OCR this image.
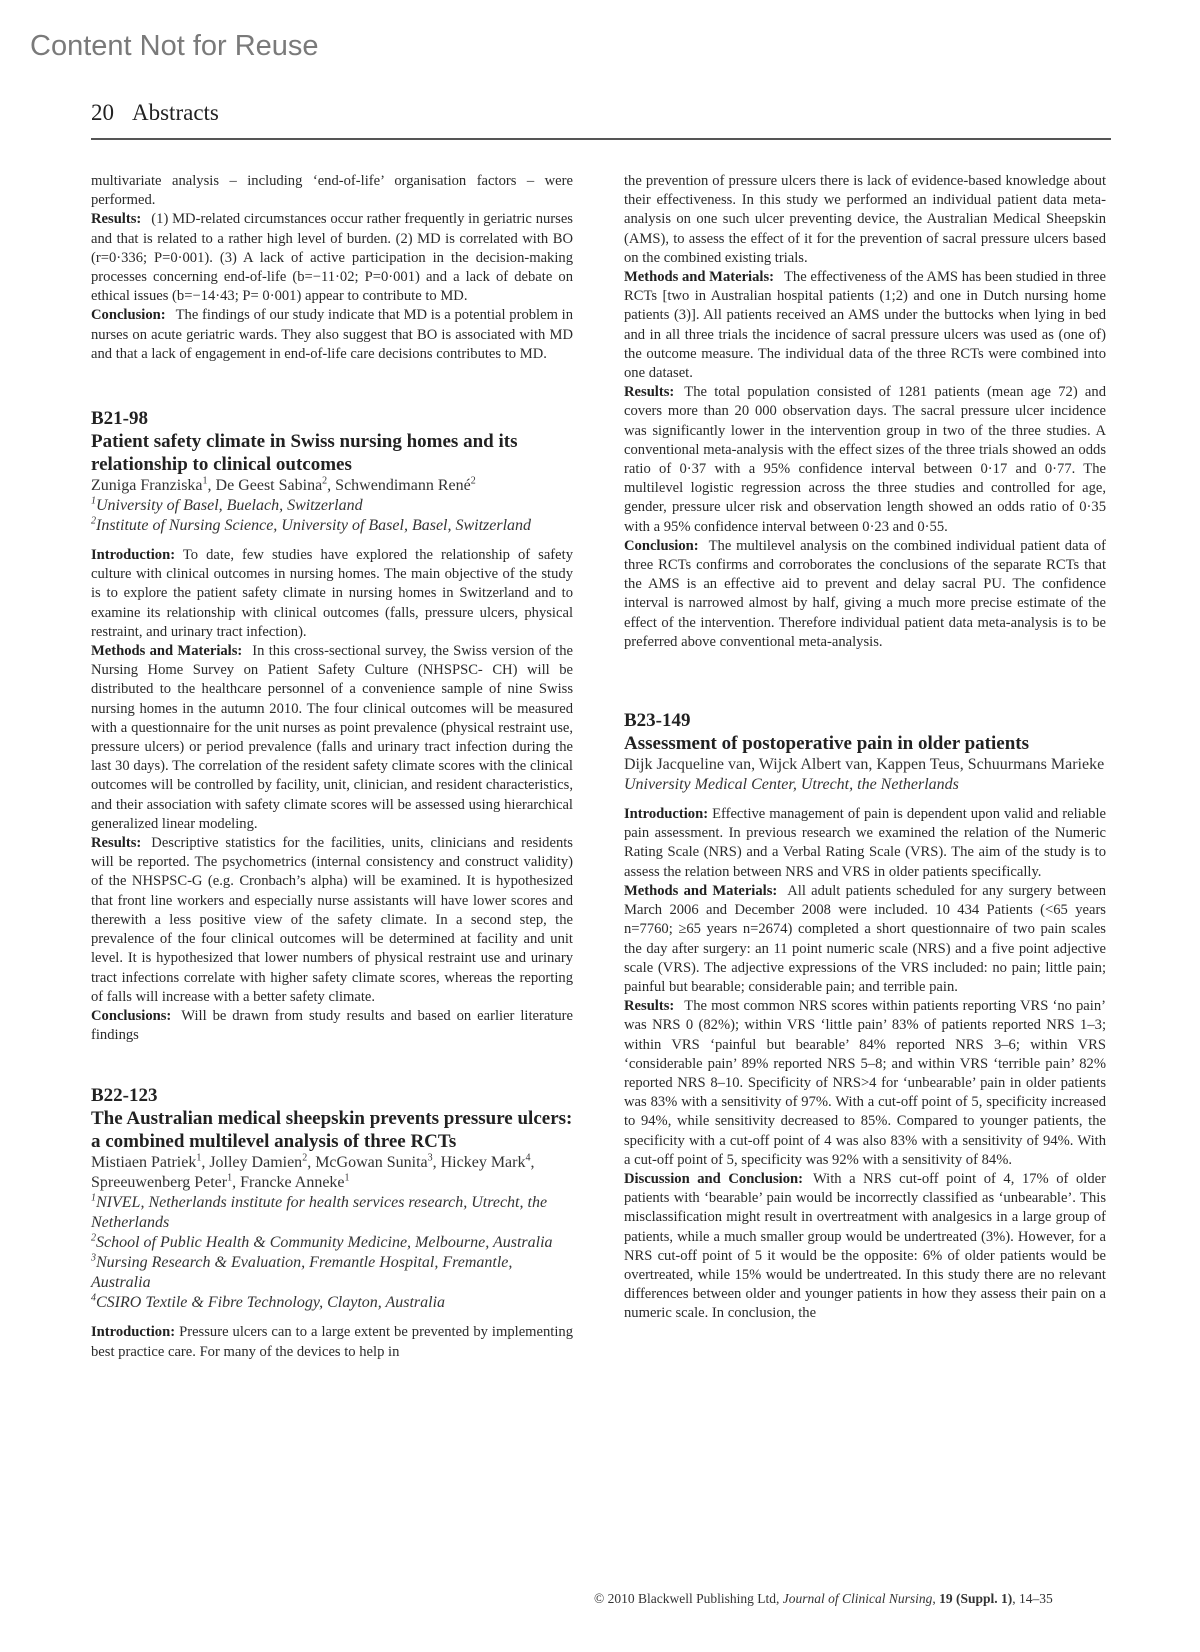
Content Not for Reuse
20 Abstracts

multivariate analysis – including ‘end-of-life’ organisation factors – were performed.

Results: (1) MD-related circumstances occur rather frequently in geriatric nurses and that is related to a rather high level of burden. (2) MD is correlated with BO (r=0·336; P=0·001). (3) A lack of active participation in the decision-making processes concerning end-of-life (b=−11·02; P=0·001) and a lack of debate on ethical issues (b=−14·43; P= 0·001) appear to contribute to MD.

Conclusion: The findings of our study indicate that MD is a potential problem in nurses on acute geriatric wards. They also suggest that BO is associated with MD and that a lack of engagement in end-of-life care decisions contributes to MD.

B21-98
Patient safety climate in Swiss nursing homes and its relationship to clinical outcomes
Zuniga Franziska$^1$, De Geest Sabina$^2$, Schwendimann René$^2$
$^1$University of Basel, Buelach, Switzerland
$^2$Institute of Nursing Science, University of Basel, Basel, Switzerland

Introduction: To date, few studies have explored the relationship of safety culture with clinical outcomes in nursing homes. The main objective of the study is to explore the patient safety climate in nursing homes in Switzerland and to examine its relationship with clinical outcomes (falls, pressure ulcers, physical restraint, and urinary tract infection).

Methods and Materials: In this cross-sectional survey, the Swiss version of the Nursing Home Survey on Patient Safety Culture (NHSPSC- CH) will be distributed to the healthcare personnel of a convenience sample of nine Swiss nursing homes in the autumn 2010. The four clinical outcomes will be measured with a questionnaire for the unit nurses as point prevalence (physical restraint use, pressure ulcers) or period prevalence (falls and urinary tract infection during the last 30 days). The correlation of the resident safety climate scores with the clinical outcomes will be controlled by facility, unit, clinician, and resident characteristics, and their association with safety climate scores will be assessed using hierarchical generalized linear modeling.

Results: Descriptive statistics for the facilities, units, clinicians and residents will be reported. The psychometrics (internal consistency and construct validity) of the NHSPSC-G (e.g. Cronbach’s alpha) will be examined. It is hypothesized that front line workers and especially nurse assistants will have lower scores and therewith a less positive view of the safety climate. In a second step, the prevalence of the four clinical outcomes will be determined at facility and unit level. It is hypothesized that lower numbers of physical restraint use and urinary tract infections correlate with higher safety climate scores, whereas the reporting of falls will increase with a better safety climate.

Conclusions: Will be drawn from study results and based on earlier literature findings

B22-123
The Australian medical sheepskin prevents pressure ulcers: a combined multilevel analysis of three RCTs
Mistiaen Patriek$^1$, Jolley Damien$^2$, McGowan Sunita$^3$, Hickey Mark$^4$, Spreeuwenberg Peter$^1$, Francke Anneke$^1$
$^1$NIVEL, Netherlands institute for health services research, Utrecht, the Netherlands
$^2$School of Public Health & Community Medicine, Melbourne, Australia
$^3$Nursing Research & Evaluation, Fremantle Hospital, Fremantle, Australia
$^4$CSIRO Textile & Fibre Technology, Clayton, Australia

Introduction: Pressure ulcers can to a large extent be prevented by implementing best practice care. For many of the devices to help in

the prevention of pressure ulcers there is lack of evidence-based knowledge about their effectiveness. In this study we performed an individual patient data meta-analysis on one such ulcer preventing device, the Australian Medical Sheepskin (AMS), to assess the effect of it for the prevention of sacral pressure ulcers based on the combined existing trials.

Methods and Materials: The effectiveness of the AMS has been studied in three RCTs [two in Australian hospital patients (1;2) and one in Dutch nursing home patients (3)]. All patients received an AMS under the buttocks when lying in bed and in all three trials the incidence of sacral pressure ulcers was used as (one of) the outcome measure. The individual data of the three RCTs were combined into one dataset.

Results: The total population consisted of 1281 patients (mean age 72) and covers more than 20 000 observation days. The sacral pressure ulcer incidence was significantly lower in the intervention group in two of the three studies. A conventional meta-analysis with the effect sizes of the three trials showed an odds ratio of 0·37 with a 95% confidence interval between 0·17 and 0·77. The multilevel logistic regression across the three studies and controlled for age, gender, pressure ulcer risk and observation length showed an odds ratio of 0·35 with a 95% confidence interval between 0·23 and 0·55.

Conclusion: The multilevel analysis on the combined individual patient data of three RCTs confirms and corroborates the conclusions of the separate RCTs that the AMS is an effective aid to prevent and delay sacral PU. The confidence interval is narrowed almost by half, giving a much more precise estimate of the effect of the intervention. Therefore individual patient data meta-analysis is to be preferred above conventional meta-analysis.

B23-149
Assessment of postoperative pain in older patients
Dijk Jacqueline van, Wijck Albert van, Kappen Teus, Schuurmans Marieke
University Medical Center, Utrecht, the Netherlands

Introduction: Effective management of pain is dependent upon valid and reliable pain assessment. In previous research we examined the relation of the Numeric Rating Scale (NRS) and a Verbal Rating Scale (VRS). The aim of the study is to assess the relation between NRS and VRS in older patients specifically.

Methods and Materials: All adult patients scheduled for any surgery between March 2006 and December 2008 were included. 10 434 Patients (<65 years n=7760; ≥65 years n=2674) completed a short questionnaire of two pain scales the day after surgery: an 11 point numeric scale (NRS) and a five point adjective scale (VRS). The adjective expressions of the VRS included: no pain; little pain; painful but bearable; considerable pain; and terrible pain.

Results: The most common NRS scores within patients reporting VRS ‘no pain’ was NRS 0 (82%); within VRS ‘little pain’ 83% of patients reported NRS 1–3; within VRS ‘painful but bearable’ 84% reported NRS 3–6; within VRS ‘considerable pain’ 89% reported NRS 5–8; and within VRS ‘terrible pain’ 82% reported NRS 8–10. Specificity of NRS>4 for ‘unbearable’ pain in older patients was 83% with a sensitivity of 97%. With a cut-off point of 5, specificity increased to 94%, while sensitivity decreased to 85%. Compared to younger patients, the specificity with a cut-off point of 4 was also 83% with a sensitivity of 94%. With a cut-off point of 5, specificity was 92% with a sensitivity of 84%.

Discussion and Conclusion: With a NRS cut-off point of 4, 17% of older patients with ‘bearable’ pain would be incorrectly classified as ‘unbearable’. This misclassification might result in overtreatment with analgesics in a large group of patients, while a much smaller group would be undertreated (3%). However, for a NRS cut-off point of 5 it would be the opposite: 6% of older patients would be overtreated, while 15% would be undertreated. In this study there are no relevant differences between older and younger patients in how they assess their pain on a numeric scale. In conclusion, the

© 2010 Blackwell Publishing Ltd, Journal of Clinical Nursing, 19 (Suppl. 1), 14–35
